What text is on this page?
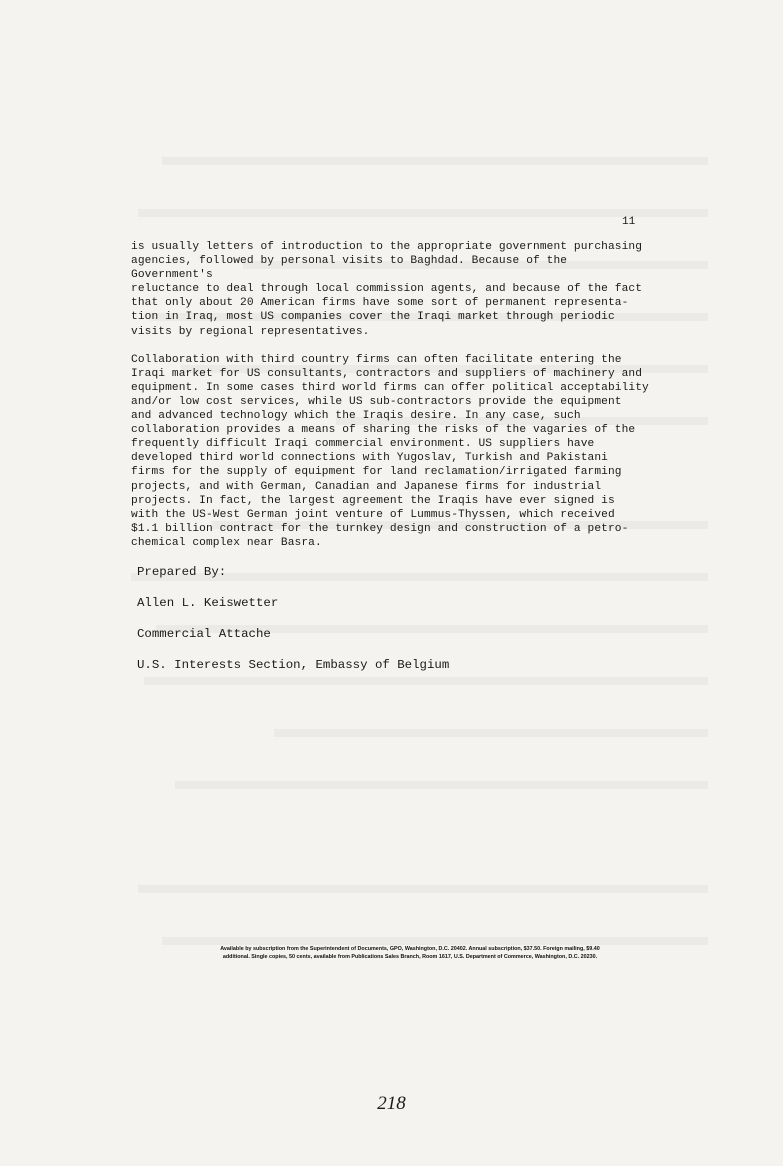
11

is usually letters of introduction to the appropriate government purchasing
agencies, followed by personal visits to Baghdad. Because of the Government's
reluctance to deal through local commission agents, and because of the fact
that only about 20 American firms have some sort of permanent representa-
tion in Iraq, most US companies cover the Iraqi market through periodic
visits by regional representatives.

Collaboration with third country firms can often facilitate entering the
Iraqi market for US consultants, contractors and suppliers of machinery and
equipment. In some cases third world firms can offer political acceptability
and/or low cost services, while US sub-contractors provide the equipment
and advanced technology which the Iraqis desire. In any case, such
collaboration provides a means of sharing the risks of the vagaries of the
frequently difficult Iraqi commercial environment. US suppliers have
developed third world connections with Yugoslav, Turkish and Pakistani
firms for the supply of equipment for land reclamation/irrigated farming
projects, and with German, Canadian and Japanese firms for industrial
projects. In fact, the largest agreement the Iraqis have ever signed is
with the US-West German joint venture of Lummus-Thyssen, which received
$1.1 billion contract for the turnkey design and construction of a petro-
chemical complex near Basra.

Prepared By:

Allen L. Keiswetter

Commercial Attache

U.S. Interests Section, Embassy of Belgium

Available by subscription from the Superintendent of Documents, GPO, Washington, D.C. 20402. Annual subscription, $37.50. Foreign mailing, $9.40
additional. Single copies, 50 cents, available from Publications Sales Branch, Room 1617, U.S. Department of Commerce, Washington, D.C. 20230.
218
